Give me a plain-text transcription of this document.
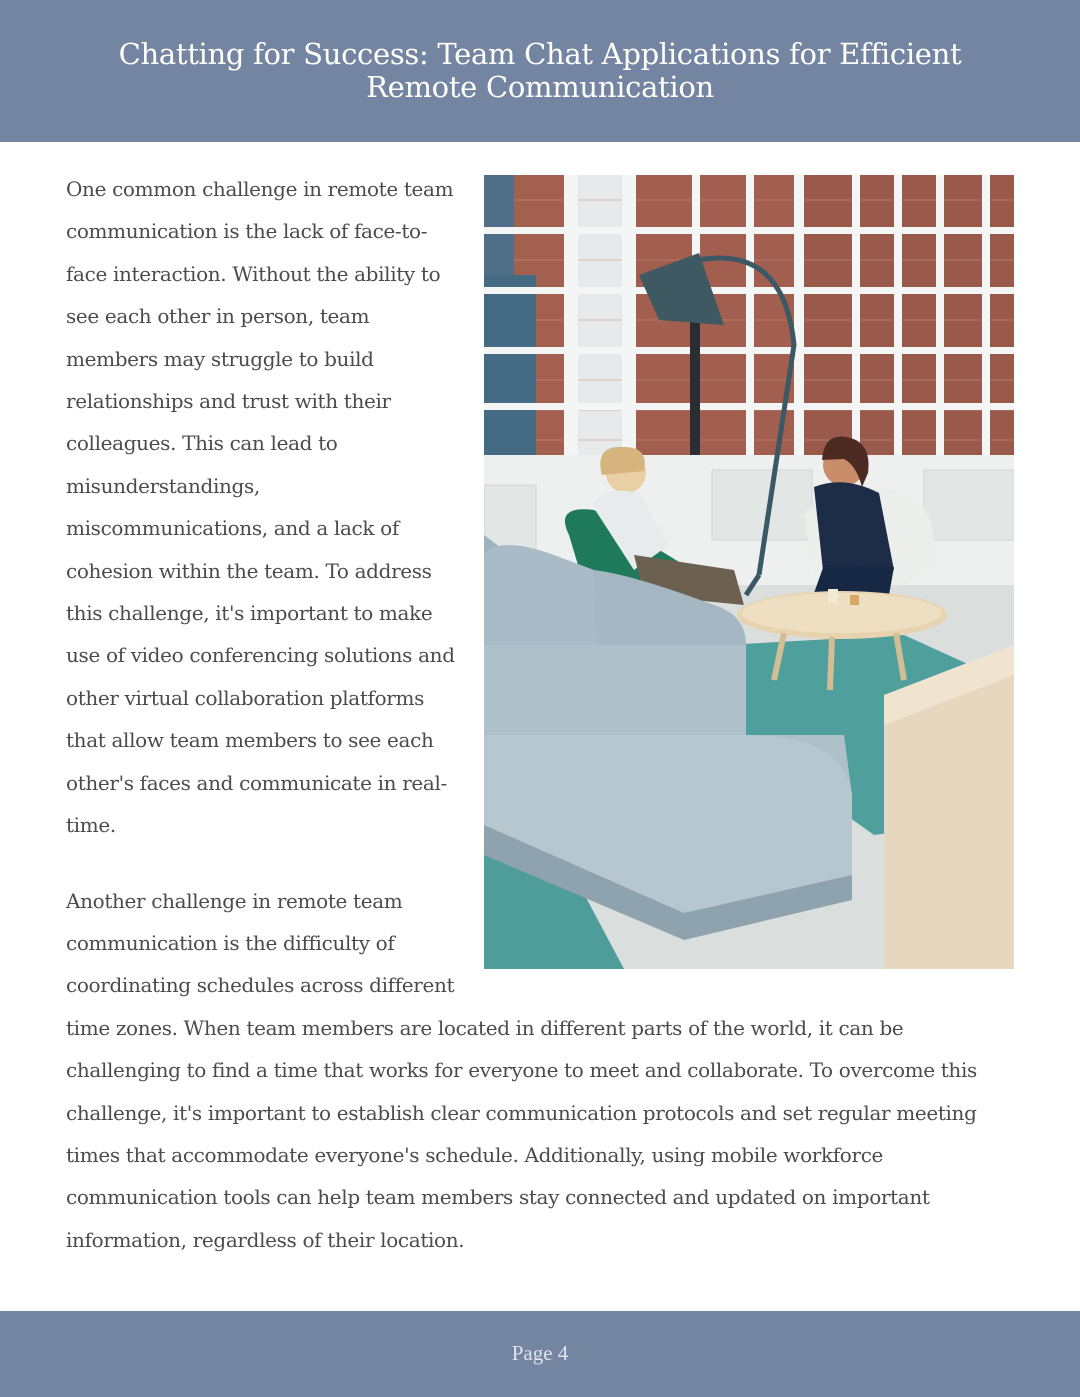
Chatting for Success: Team Chat Applications for Efficient Remote Communication

One common challenge in remote team communication is the lack of face-to-face interaction. Without the ability to see each other in person, team members may struggle to build relationships and trust with their colleagues. This can lead to misunderstandings, miscommunications, and a lack of cohesion within the team. To address this challenge, it's important to make use of video conferencing solutions and other virtual collaboration platforms that allow team members to see each other's faces and communicate in real-time.

Another challenge in remote team communication is the difficulty of coordinating schedules across different time zones. When team members are located in different parts of the world, it can be challenging to find a time that works for everyone to meet and collaborate. To overcome this challenge, it's important to establish clear communication protocols and set regular meeting times that accommodate everyone's schedule. Additionally, using mobile workforce communication tools can help team members stay connected and updated on important information, regardless of their location.

Page 4
